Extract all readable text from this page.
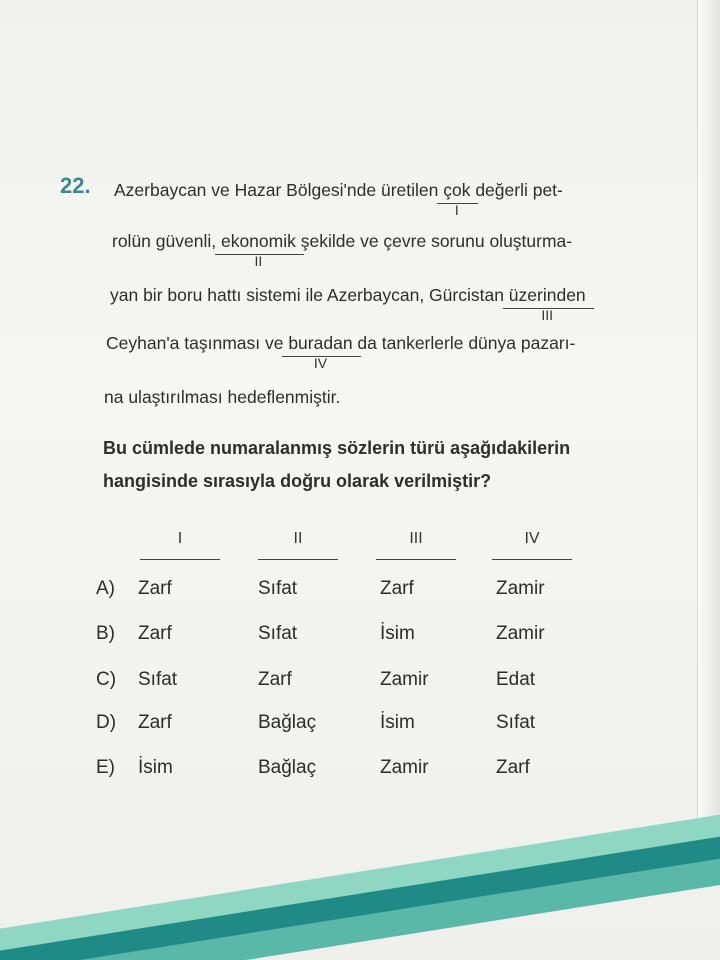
22. Azerbaycan ve Hazar Bölgesi'nde üretilen çok
I
değerli pet-
rolün güvenli, ekonomik
II
şekilde ve çevre sorunu oluşturma-
yan bir boru hattı sistemi ile Azerbaycan, Gürcistan üzerinden
III
Ceyhan'a taşınması ve buradan
IV
da tankerlerle dünya pazarı-
na ulaştırılması hedeflenmiştir.
Bu cümlede numaralanmış sözlerin türü aşağıdakilerin
hangisinde sırasıyla doğru olarak verilmiştir?
I	II	III	IV
A) Zarf	Sıfat	Zarf	Zamir
B) Zarf	Sıfat	İsim	Zamir
C) Sıfat	Zarf	Zamir	Edat
D) Zarf	Bağlaç	İsim	Sıfat
E) İsim	Bağlaç	Zamir	Zarf
